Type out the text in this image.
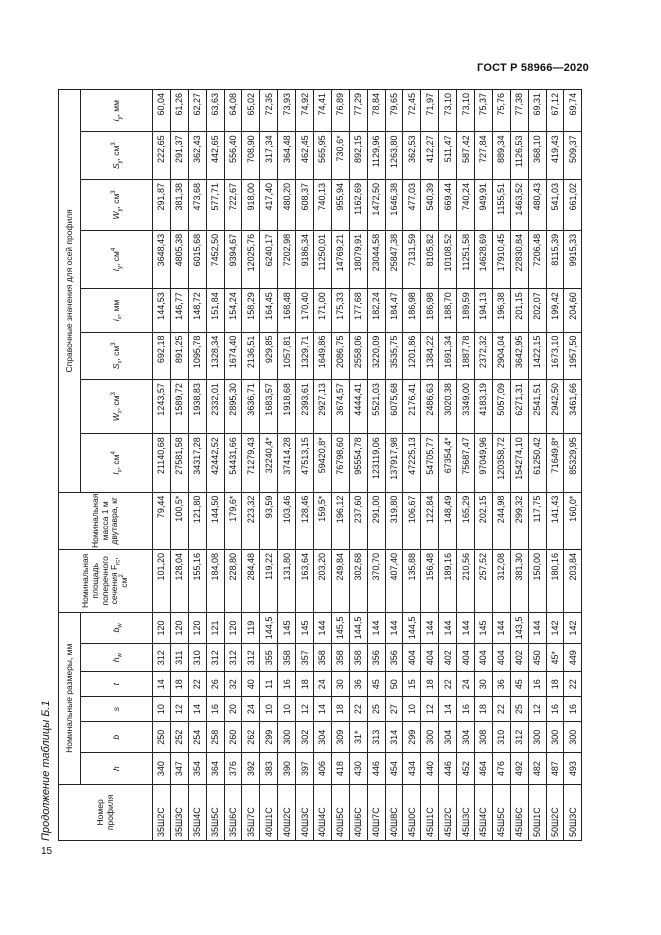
ГОСТ Р 58966—2020
15
Продолжение таблицы Б.1	Номер профиля	Номинальные размеры, мм						Номинальная площадь поперечного сечения $F_{гс}$, $см^2$	Номинальная масса 1 м двутавра, кг	Справочные значения для осей профиля							
	h	b	s	t	$h_w$	$b_w$			$I_x$, $см^4$	$W_x$, $см^3$	$S_x$, $см^3$	$i_x$, мм	$I_y$, $см^4$	$W_y$, $см^3$	$S_y$, $см^3$	$i_y$, мм
35Ш2С	340	250	10	14	312	120	101,20	79,44	21140,68	1243,57	692,18	144,53	3648,43	291,87	222,65	60,04
35Ш3С	347	252	12	18	311	120	128,04	100,5*	27581,58	1589,72	891,25	146,77	4805,38	381,38	291,37	61,26
35Ш4С	354	254	14	22	310	120	155,16	121,80	34317,28	1938,83	1095,78	148,72	6015,68	473,68	362,43	62,27
35Ш5С	364	258	16	26	312	121	184,08	144,50	42442,52	2332,01	1328,34	151,84	7452,50	577,71	442,65	63,63
35Ш6С	376	260	20	32	312	120	228,80	179,6*	54431,66	2895,30	1674,40	154,24	9394,67	722,67	556,40	64,08
35Ш7С	392	262	24	40	312	119	284,48	223,32	71279,43	3636,71	2136,51	158,29	12025,76	918,00	708,90	65,02
40Ш1С	383	299	10	11	355	144,5	119,22	93,59	32240,4*	1683,57	929,85	164,45	6240,17	417,40	317,34	72,35
40Ш2С	390	300	10	16	358	145	131,80	103,46	37414,28	1918,68	1057,81	168,48	7202,98	480,20	364,48	73,93
40Ш3С	397	302	12	18	357	145	163,64	128,46	47513,15	2393,61	1329,71	170,40	9186,34	608,37	462,45	74,92
40Ш4С	406	304	14	24	358	144	203,20	159,5*	59420,8*	2927,13	1649,86	171,00	11250,01	740,13	565,95	74,41
40Ш5С	418	309	18	30	358	145,5	249,84	196,12	76798,60	3674,57	2086,75	175,33	14769,21	955,94	730,6*	76,89
40Ш6С	430	31*	22	36	358	144,5	302,68	237,60	95554,78	4444,41	2558,06	177,68	18079,91	1162,69	892,15	77,29
40Ш7С	446	313	25	45	356	144	370,70	291,00	123119,06	5521,03	3220,09	182,24	23044,58	1472,50	1129,96	78,84
40Ш8С	454	314	27	50	356	144	407,40	319,80	137917,98	6075,68	3535,75	184,47	25847,38	1646,38	1263,80	79,65
45Ш0С	434	299	10	15	404	144,5	135,88	106,67	47225,13	2176,41	1201,86	186,98	7131,59	477,03	362,53	72,45
45Ш1С	440	300	12	18	404	144	156,48	122,84	54705,77	2486,63	1384,22	186,98	8105,82	540,39	412,27	71,97
45Ш2С	446	304	14	22	402	144	189,16	148,49	67354,4*	3020,38	1691,34	188,70	10108,52	669,44	511,47	73,10
45Ш3С	452	304	16	24	404	144	210,56	165,29	75687,47	3349,00	1887,78	189,59	11251,58	740,24	587,42	73,10
45Ш4С	464	308	18	30	404	145	257,52	202,15	97049,96	4183,19	2372,32	194,13	14628,69	949,91	727,84	75,37
45Ш5С	476	310	22	36	404	144	312,08	244,98	120358,72	5057,09	2904,04	196,38	17910,45	1155,51	889,34	75,76
45Ш6С	492	312	25	45	402	143,5	381,30	299,32	154274,10	6271,31	3642,95	201,15	22830,84	1463,52	1126,53	77,38
50Ш1С	482	300	12	16	450	144	150,00	117,75	61250,42	2541,51	1422,15	202,07	7206,48	480,43	368,10	69,31
50Ш2С	487	300	16	18	45*	142	180,16	141,43	71649,8*	2942,50	1673,10	199,42	8115,39	541,03	419,43	67,12
50Ш3С	493	300	16	22	449	142	203,84	160,0*	85329,95	3461,66	1957,50	204,60	9915,33	661,02	509,37	69,74
